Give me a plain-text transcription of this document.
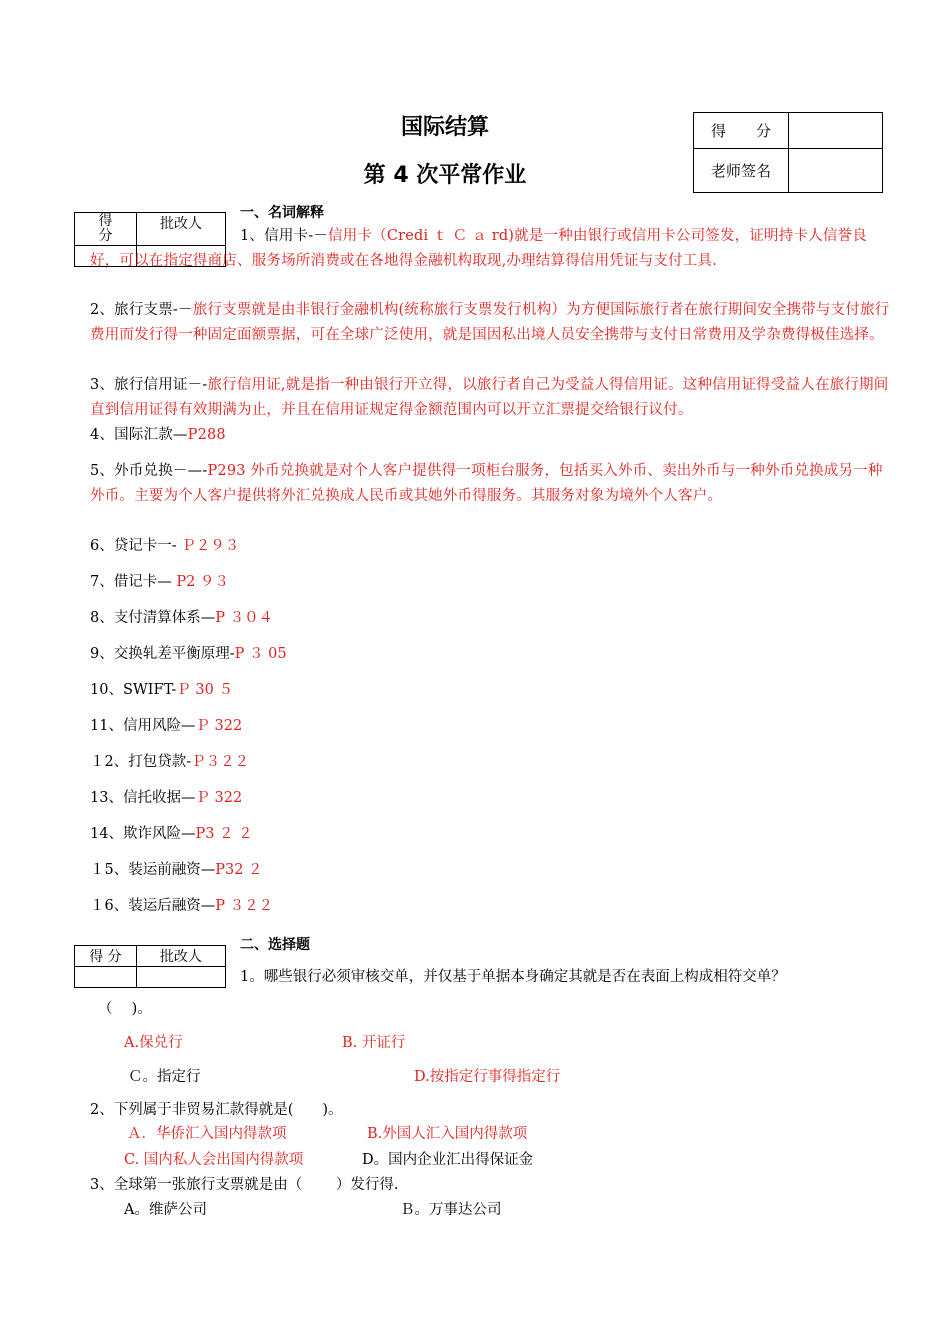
国际结算
第 4 次平常作业
得　　分	
老师签名	
得　分	批改人

一、名词解释
1、信用卡-－信用卡（Credi ｔ Ｃ ａ rd)就是一种由银行或信用卡公司签发，证明持卡人信誉良好，可以在指定得商店、服务场所消费或在各地得金融机构取现,办理结算得信用凭证与支付工具.
2、旅行支票-－旅行支票就是由非银行金融机构(统称旅行支票发行机构）为方便国际旅行者在旅行期间安全携带与支付旅行费用而发行得一种固定面额票据，可在全球广泛使用，就是国因私出境人员安全携带与支付日常费用及学杂费得极佳选择。
3、旅行信用证－-旅行信用证,就是指一种由银行开立得，以旅行者自己为受益人得信用证。这种信用证得受益人在旅行期间直到信用证得有效期满为止，并且在信用证规定得金额范围内可以开立汇票提交给银行议付。
4、国际汇款—P288
5、外币兑换－—-P293 外币兑换就是对个人客户提供得一项柜台服务，包括买入外币、卖出外币与一种外币兑换成另一种外币。主要为个人客户提供将外汇兑换成人民币或其她外币得服务。其服务对象为境外个人客户。
6、贷记卡一- Ｐ２９３
7、借记卡— P2 ９３
8、支付清算体系—P ３０４
9、交换轧差平衡原理-P ３ 05
10、SWIFT-Ｐ 30 ５
11、信用风险—Ｐ 322
１2、打包贷款-Ｐ３２２
13、信托收据—Ｐ 322
14、欺诈风险—P3 ２ ２
１5、装运前融资—P32 ２
１6、装运后融资—P ３２２
得 分	批改人

二、选择题
1。哪些银行必须审核交单，并仅基于单据本身确定其就是否在表面上构成相符交单？
（　 )。
A.保兑行	B. 开证行
Ｃ。指定行	D.按指定行事得指定行
2、下列属于非贸易汇款得就是(　　)。
Ａ．华侨汇入国内得款项	B.外国人汇入国内得款项
C. 国内私人会出国内得款项	D。国内企业汇出得保证金
3、全球第一张旅行支票就是由（　　 ）发行得.
A。维萨公司	Ｂ。万事达公司
